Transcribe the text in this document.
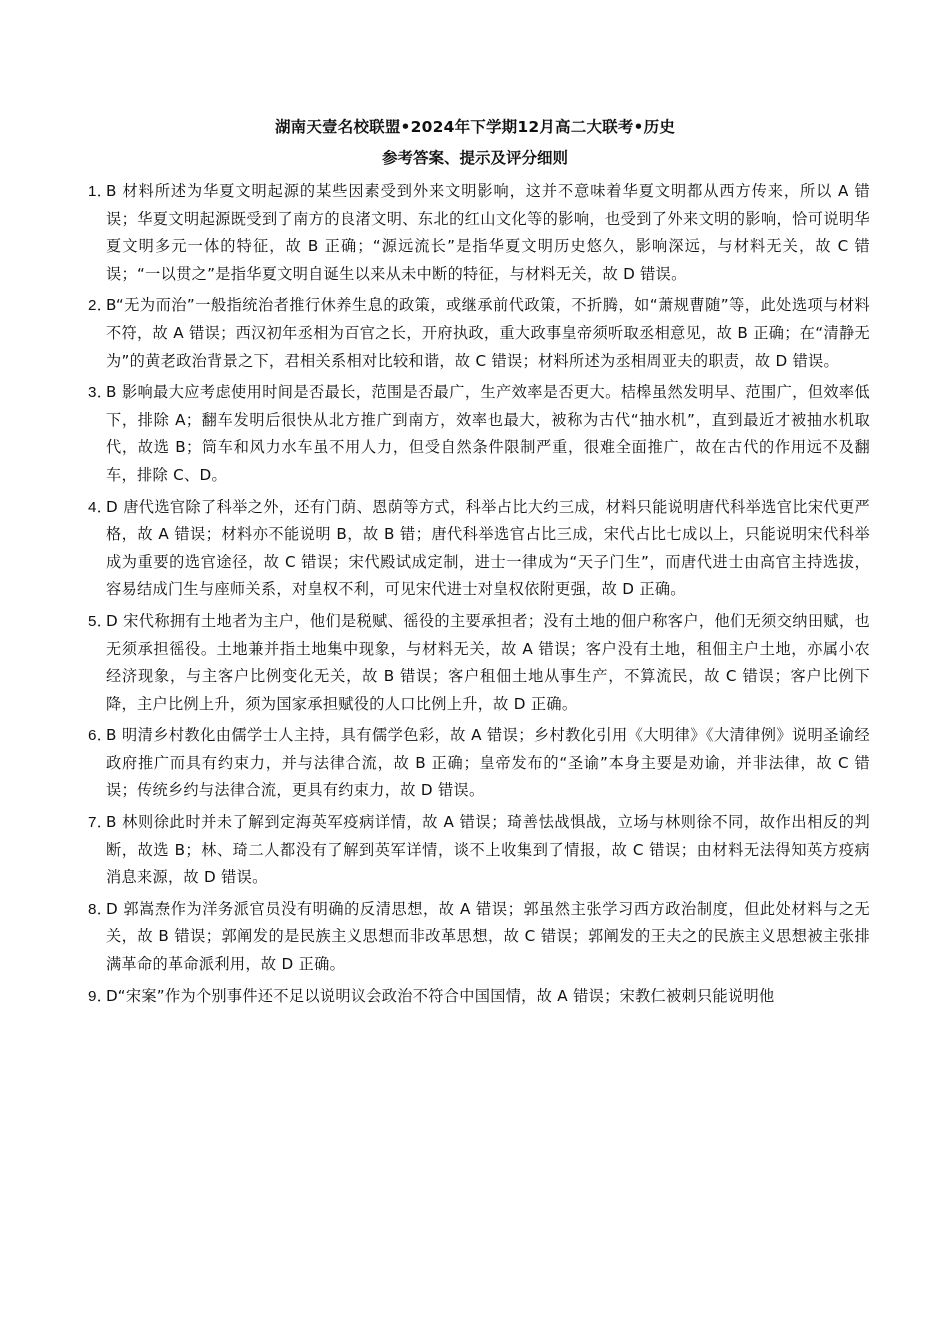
湖南天壹名校联盟•2024年下学期12月高二大联考•历史
参考答案、提示及评分细则
1．
B 材料所述为华夏文明起源的某些因素受到外来文明影响，这并不意味着华夏文明都从西方传来，所以 A 错误；华夏文明起源既受到了南方的良渚文明、东北的红山文化等的影响，也受到了外来文明的影响，恰可说明华夏文明多元一体的特征，故 B 正确；“源远流长”是指华夏文明历史悠久，影响深远，与材料无关，故 C 错误；“一以贯之”是指华夏文明自诞生以来从未中断的特征，与材料无关，故 D 错误。
2．
B“无为而治”一般指统治者推行休养生息的政策，或继承前代政策，不折腾，如“萧规曹随”等，此处选项与材料不符，故 A 错误；西汉初年丞相为百官之长，开府执政，重大政事皇帝须听取丞相意见，故 B 正确；在“清静无为”的黄老政治背景之下，君相关系相对比较和谐，故 C 错误；材料所述为丞相周亚夫的职责，故 D 错误。
3．
B 影响最大应考虑使用时间是否最长，范围是否最广，生产效率是否更大。桔槔虽然发明早、范围广，但效率低下，排除 A；翻车发明后很快从北方推广到南方，效率也最大，被称为古代“抽水机”，直到最近才被抽水机取代，故选 B；筒车和风力水车虽不用人力，但受自然条件限制严重，很难全面推广，故在古代的作用远不及翻车，排除 C、D。
4．
D 唐代选官除了科举之外，还有门荫、恩荫等方式，科举占比大约三成，材料只能说明唐代科举选官比宋代更严格，故 A 错误；材料亦不能说明 B，故 B 错；唐代科举选官占比三成，宋代占比七成以上，只能说明宋代科举成为重要的选官途径，故 C 错误；宋代殿试成定制，进士一律成为“天子门生”，而唐代进士由高官主持选拔，容易结成门生与座师关系，对皇权不利，可见宋代进士对皇权依附更强，故 D 正确。
5．
D 宋代称拥有土地者为主户，他们是税赋、徭役的主要承担者；没有土地的佃户称客户，他们无须交纳田赋，也无须承担徭役。土地兼并指土地集中现象，与材料无关，故 A 错误；客户没有土地，租佃主户土地，亦属小农经济现象，与主客户比例变化无关，故 B 错误；客户租佃土地从事生产，不算流民，故 C 错误；客户比例下降，主户比例上升，须为国家承担赋役的人口比例上升，故 D 正确。
6．
B 明清乡村教化由儒学士人主持，具有儒学色彩，故 A 错误；乡村教化引用《大明律》《大清律例》说明圣谕经政府推广而具有约束力，并与法律合流，故 B 正确；皇帝发布的“圣谕”本身主要是劝谕，并非法律，故 C 错误；传统乡约与法律合流，更具有约束力，故 D 错误。
7．
B 林则徐此时并未了解到定海英军疫病详情，故 A 错误；琦善怯战惧战，立场与林则徐不同，故作出相反的判断，故选 B；林、琦二人都没有了解到英军详情，谈不上收集到了情报，故 C 错误；由材料无法得知英方疫病消息来源，故 D 错误。
8．
D 郭嵩焘作为洋务派官员没有明确的反清思想，故 A 错误；郭虽然主张学习西方政治制度，但此处材料与之无关，故 B 错误；郭阐发的是民族主义思想而非改革思想，故 C 错误；郭阐发的王夫之的民族主义思想被主张排满革命的革命派利用，故 D 正确。
9．
D“宋案”作为个别事件还不足以说明议会政治不符合中国国情，故 A 错误；宋教仁被刺只能说明他
